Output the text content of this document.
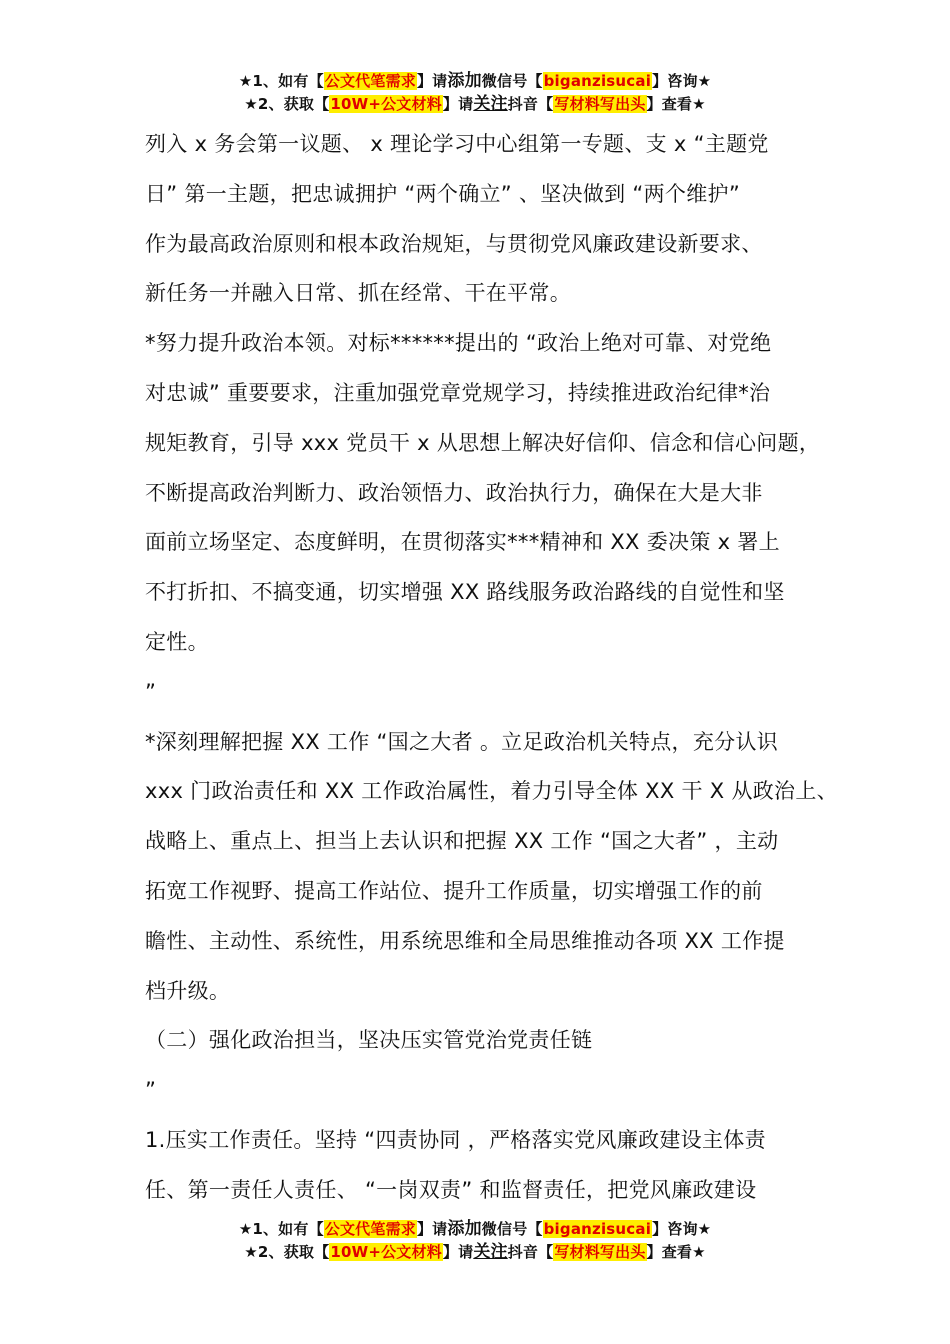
★1、如有【公文代笔需求】请添加微信号【biganzisucai】咨询★
★2、获取【10W+公文材料】请关注抖音【写材料写出头】查看★
列入 x 务会第一议题、 x 理论学习中心组第一专题、支 x “主题党
日” 第一主题，把忠诚拥护 “两个确立” 、坚决做到 “两个维护”
作为最高政治原则和根本政治规矩，与贯彻党风廉政建设新要求、
新任务一并融入日常、抓在经常、干在平常。
*努力提升政治本领。对标******提出的 “政治上绝对可靠、对党绝
对忠诚” 重要要求，注重加强党章党规学习，持续推进政治纪律*治
规矩教育，引导 xxx 党员干 x 从思想上解决好信仰、信念和信心问题，
不断提高政治判断力、政治领悟力、政治执行力，确保在大是大非
面前立场坚定、态度鲜明，在贯彻落实***精神和 XX 委决策 x 署上
不打折扣、不搞变通，切实增强 XX 路线服务政治路线的自觉性和坚
定性。
”
*深刻理解把握 XX 工作 “国之大者 。立足政治机关特点，充分认识
xxx 门政治责任和 XX 工作政治属性，着力引导全体 XX 干 X 从政治上、
战略上、重点上、担当上去认识和把握 XX 工作 “国之大者” ，主动
拓宽工作视野、提高工作站位、提升工作质量，切实增强工作的前
瞻性、主动性、系统性，用系统思维和全局思维推动各项 XX 工作提
档升级。
（二）强化政治担当，坚决压实管党治党责任链
”
1.压实工作责任。坚持 “四责协同 ，严格落实党风廉政建设主体责
任、第一责任人责任、 “一岗双责” 和监督责任，把党风廉政建设
★1、如有【公文代笔需求】请添加微信号【biganzisucai】咨询★
★2、获取【10W+公文材料】请关注抖音【写材料写出头】查看★
